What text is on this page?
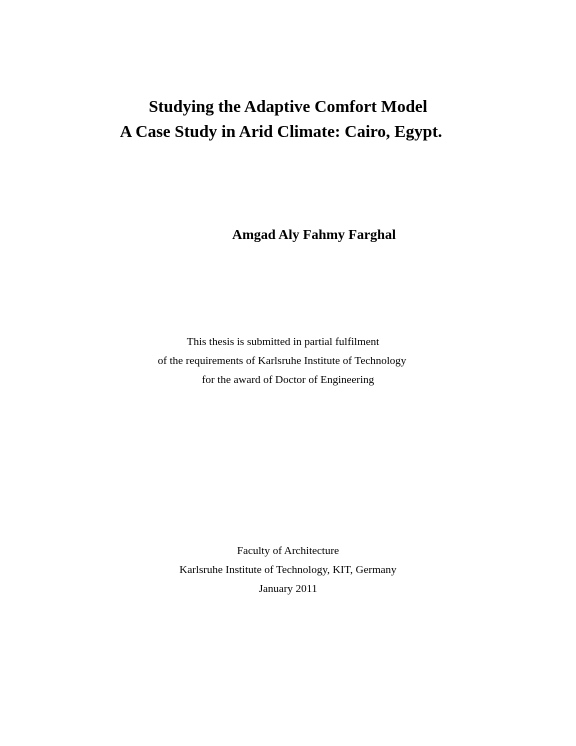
Studying the Adaptive Comfort Model
A Case Study in Arid Climate: Cairo, Egypt.
Amgad Aly Fahmy Farghal
This thesis is submitted in partial fulfilment
of the requirements of Karlsruhe Institute of Technology
for the award of Doctor of Engineering
Faculty of Architecture
Karlsruhe Institute of Technology, KIT, Germany
January 2011
